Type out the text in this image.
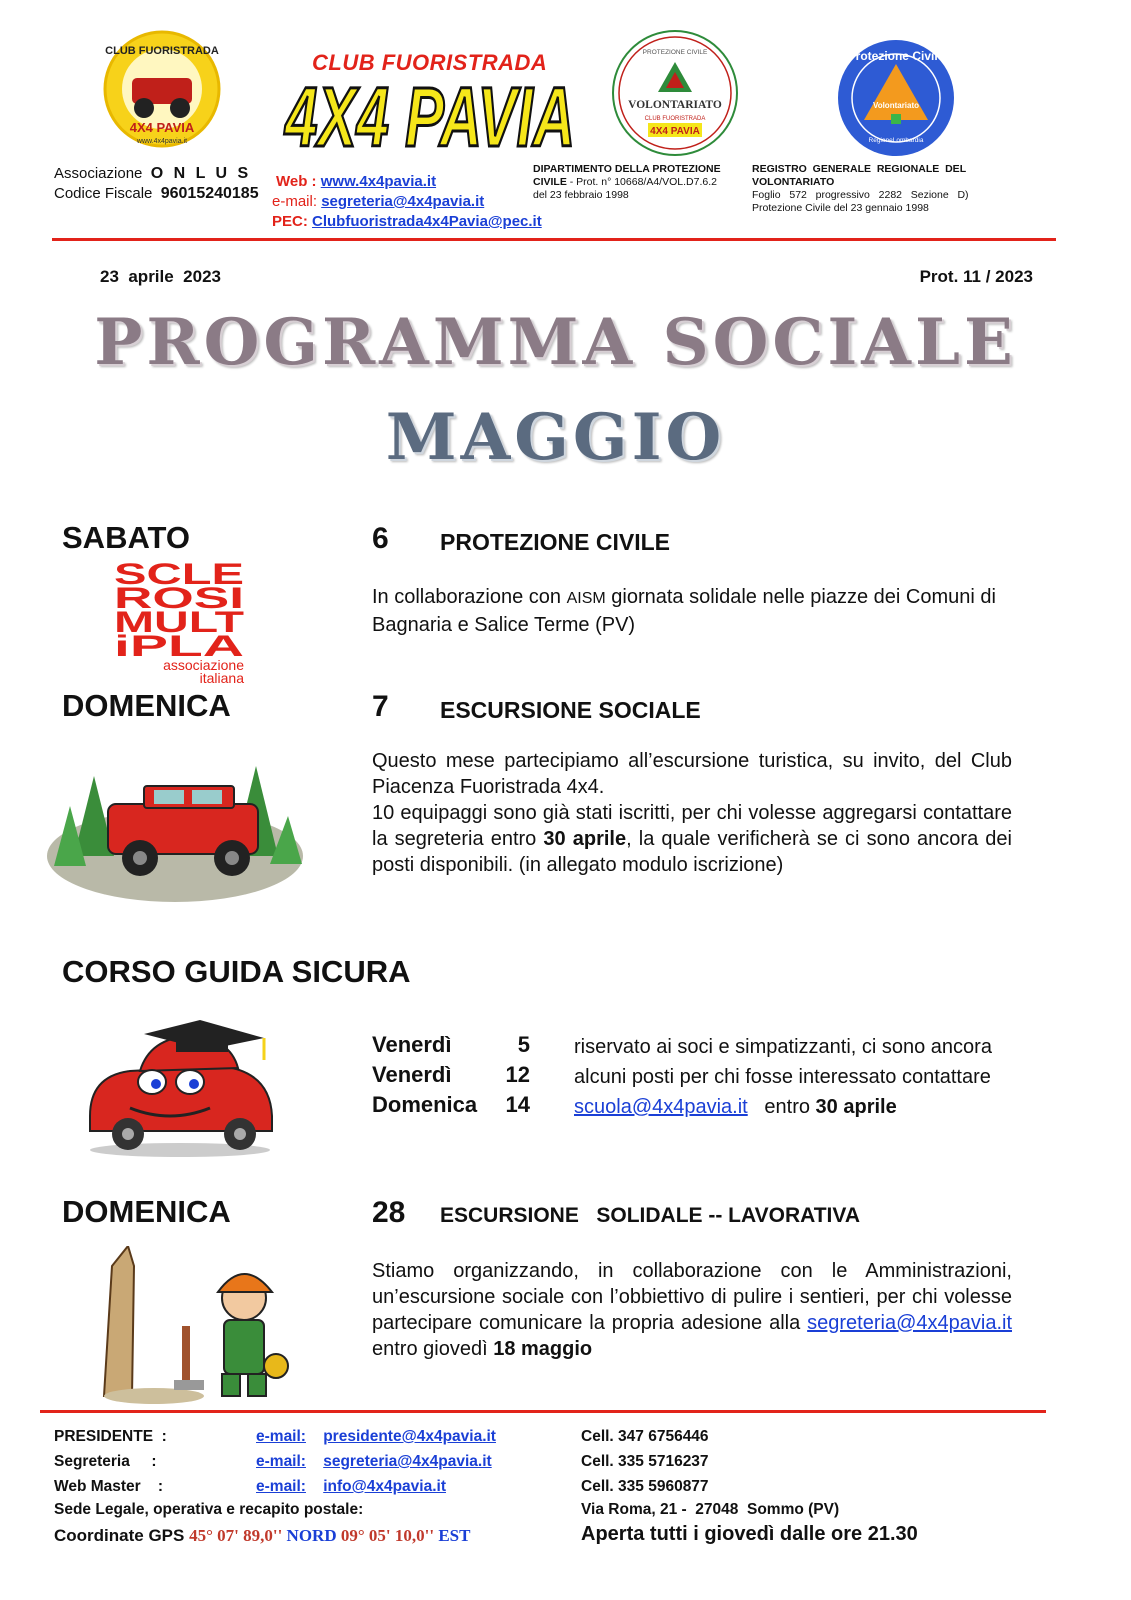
4X4 PAVIA
www.4x4pavia.it
CLUB FUORISTRADA	CLUB FUORISTRADA
4X4 PAVIA
PROTEZIONE CIVILE
VOLONTARIATO
CLUB FUORISTRADA
4X4 PAVIA
Protezione Civile
Volontariato
RegioneLombardia
Associazione O N L U S
Codice Fiscale 96015240185
Web : www.4x4pavia.it
e-mail: segreteria@4x4pavia.it
PEC: Clubfuoristrada4x4Pavia@pec.it
DIPARTIMENTO DELLA PROTEZIONE
CIVILE - Prot. n° 10668/A4/VOL.D7.6.2
del 23 febbraio 1998
REGISTRO  GENERALE  REGIONALE  DEL
VOLONTARIATO
Foglio   572   progressivo   2282   Sezione   D)
Protezione Civile del 23 gennaio 1998
23  aprile  2023	Prot. 11 / 2023
PROGRAMMA SOCIALE
MAGGIO
SABATO
SCLE
ROSI
MULT
iPLA
associazione
italiana
6 PROTEZIONE CIVILE
In collaborazione con AISM giornata solidale nelle piazze dei Comuni di Bagnaria e Salice Terme (PV)
DOMENICA	7 ESCURSIONE SOCIALE
Questo mese partecipiamo all’escursione turistica, su invito, del Club Piacenza Fuoristrada 4x4.
10 equipaggi sono già stati iscritti, per chi volesse aggregarsi contattare la segreteria entro 30 aprile, la quale verificherà se ci sono ancora dei posti disponibili. (in allegato modulo iscrizione)
CORSO GUIDA SICURA
Venerdì	5
Venerdì	12
Domenica	14
riservato ai soci e simpatizzanti, ci sono ancora
alcuni posti per chi fosse interessato contattare
scuola@4x4pavia.it   entro 30 aprile
DOMENICA	28 ESCURSIONE   SOLIDALE -- LAVORATIVA
Stiamo organizzando, in collaborazione con le Amministrazioni, un’escursione sociale con l’obbiettivo di pulire i sentieri, per chi volesse partecipare comunicare la propria adesione alla segreteria@4x4pavia.it entro giovedì 18 maggio
PRESIDENTE  :	e-mail: presidente@4x4pavia.it	Cell. 347 6756446
Segreteria     :	e-mail: segreteria@4x4pavia.it	Cell. 335 5716237
Web Master    :	e-mail: info@4x4pavia.it	Cell. 335 5960877
Sede Legale, operativa e recapito postale:	Via Roma, 21 -  27048  Sommo (PV)
Coordinate GPS 45° 07' 89,0'' NORD 09° 05' 10,0'' EST	Aperta tutti i giovedì dalle ore 21.30
